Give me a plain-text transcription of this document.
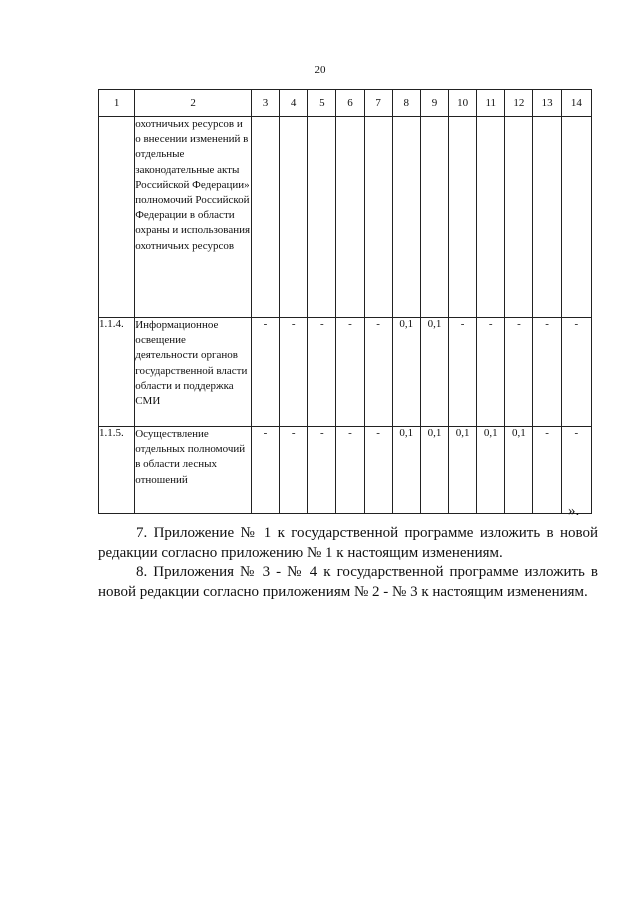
20
1	2	3	4	5	6	7	8	9	10	11	12	13	14
	охотничьих ресурсов и о внесении изменений в отдельные законодательные акты Российской Федерации» полномочий Российской Федерации в области охраны и использования охотничьих ресурсов												
1.1.4.	Информационное освещение деятельности органов государственной власти области и поддержка СМИ	-	-	-	-	-	0,1	0,1	-	-	-	-	-
1.1.5.	Осуществление отдельных полномочий в области лесных отношений	-	-	-	-	-	0,1	0,1	0,1	0,1	0,1	-	-
».

7. Приложение № 1 к государственной программе изложить в новой редакции согласно приложению № 1 к настоящим изменениям.

8. Приложения № 3 - № 4 к государственной программе изложить в новой редакции согласно приложениям № 2 - № 3 к настоящим изменениям.
